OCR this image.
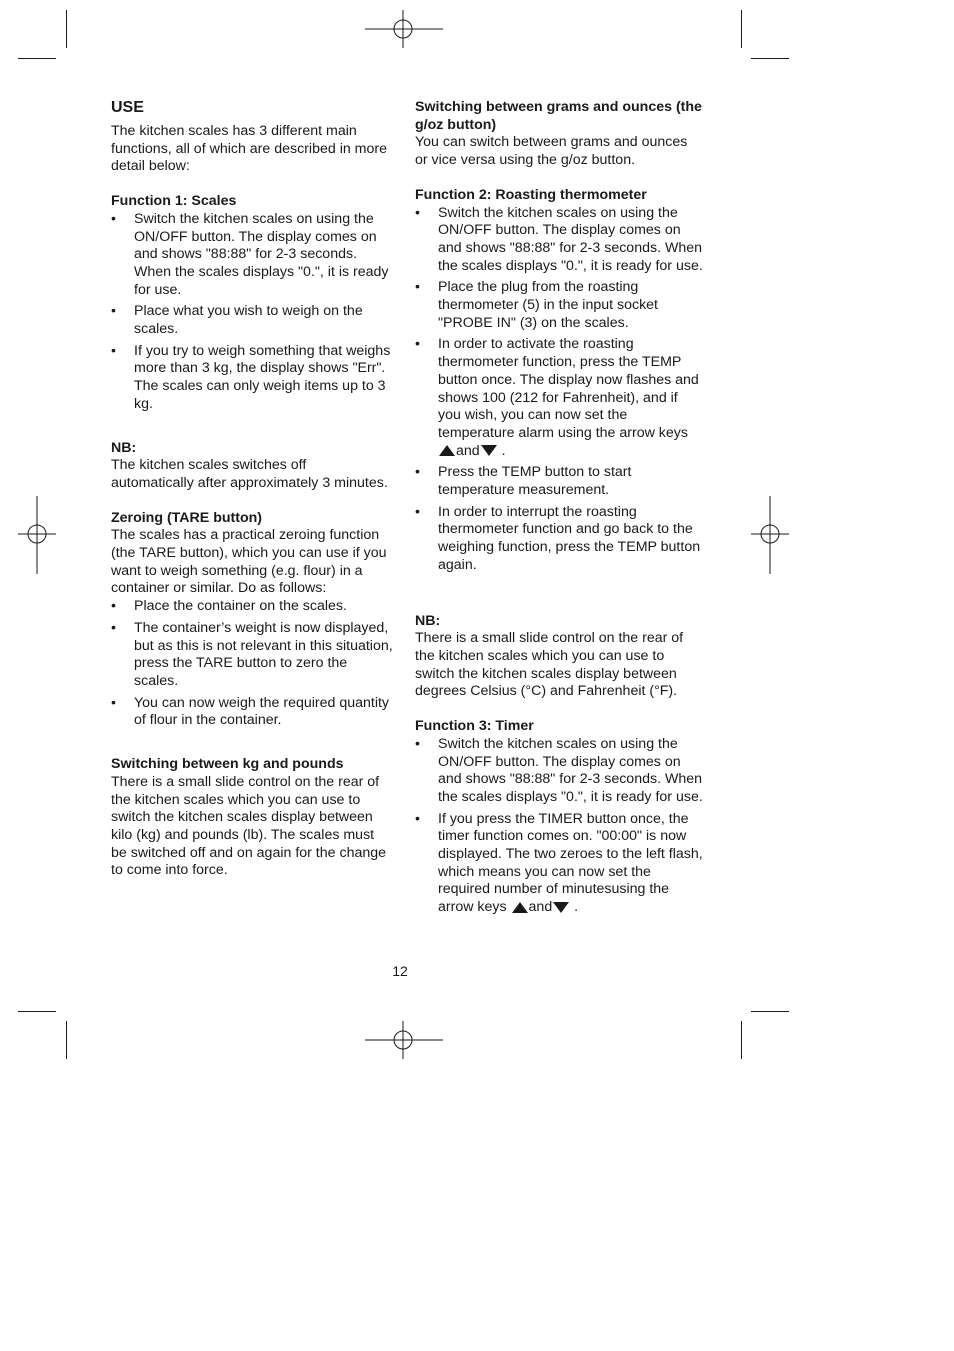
USE

The kitchen scales has 3 different main functions, all of which are described in more detail below:

Function 1: Scales

• Switch the kitchen scales on using the ON/OFF button. The display comes on and shows "88:88" for 2-3 seconds. When the scales displays "0.", it is ready for use.
• Place what you wish to weigh on the scales.
• If you try to weigh something that weighs more than 3 kg, the display shows "Err". The scales can only weigh items up to 3 kg.

NB:

The kitchen scales switches off automatically after approximately 3 minutes.

Zeroing (TARE button)

The scales has a practical zeroing function (the TARE button), which you can use if you want to weigh something (e.g. flour) in a container or similar. Do as follows:

• Place the container on the scales.
• The container’s weight is now displayed, but as this is not relevant in this situation, press the TARE button to zero the scales.
• You can now weigh the required quantity of flour in the container.

Switching between kg and pounds

There is a small slide control on the rear of the kitchen scales which you can use to switch the kitchen scales display between kilo (kg) and pounds (lb). The scales must be switched off and on again for the change to come into force.

Switching between grams and ounces (the g/oz button)

You can switch between grams and ounces or vice versa using the g/oz button.

Function 2: Roasting thermometer

• Switch the kitchen scales on using the ON/OFF button. The display comes on and shows "88:88" for 2-3 seconds. When the scales displays "0.", it is ready for use.
• Place the plug from the roasting thermometer (5) in the input socket "PROBE IN" (3) on the scales.
• In order to activate the roasting thermometer function, press the TEMP button once. The display now flashes and shows 100 (212 for Fahrenheit), and if you wish, you can now set the temperature alarm using the arrow keys
and .
• Press the TEMP button to start temperature measurement.
• In order to interrupt the roasting thermometer function and go back to the weighing function, press the TEMP button again.

NB:

There is a small slide control on the rear of the kitchen scales which you can use to switch the kitchen scales display between degrees Celsius (°C) and Fahrenheit (°F).

Function 3: Timer

• Switch the kitchen scales on using the ON/OFF button. The display comes on and shows "88:88" for 2-3 seconds. When the scales displays "0.", it is ready for use.
• If you press the TIMER button once, the timer function comes on. "00:00" is now displayed. The two zeroes to the left flash, which means you can now set the required number of minutesusing the arrow keys and .
12
